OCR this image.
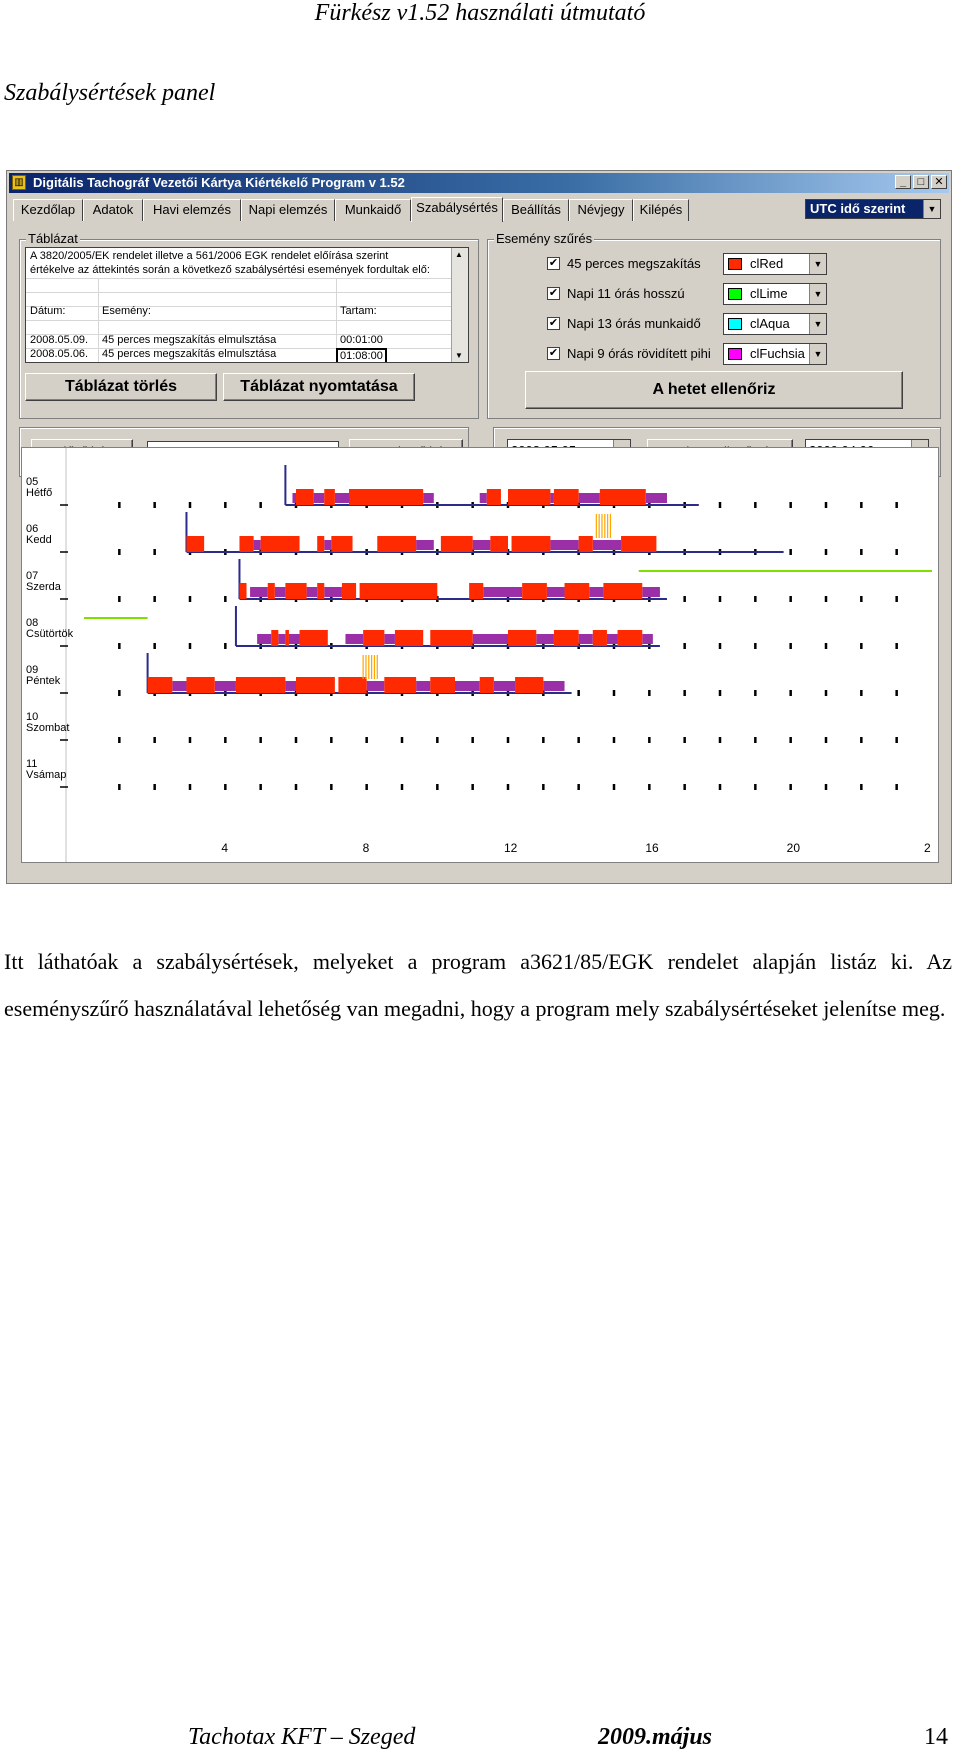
Fürkész v1.52 használati útmutató
Szabálysértések panel
▥ Digitális Tachográf Vezetői Kártya Kiértékelő Program v 1.52	_	□ ✕
Kezdőlap	Adatok	Havi elemzés	Napi elemzés	Munkaidő	Szabálysértés	Beállítás	Névjegy	Kilépés	UTC idő szerint	▼
Táblázat
A 3820/2005/EK rendelet illetve a 561/2006 EGK rendelet előírása szerint
értékelve az áttekintés során a következő szabálysértési események fordultak elő:
Dátum:	Esemény:	Tartam:
2008.05.09. 45 perces megszakítás elmulsztása	00:01:00
2008.05.06. 45 perces megszakítás elmulsztása	01:08:00
▲
▼
Táblázat törlés	Táblázat nyomtatása
Esemény szűrés
✔ 45 perces megszakítás
✔ Napi 11 órás hosszú
✔ Napi 13 órás munkaidő
✔ Napi 9 órás rövidített pihi
clRed	▼
clLime	▼
clAqua	▼
clFuchsia ▼
A hetet ellenőriz
05
Hétfő
06
Kedd
07
Szerda
08
Csütörtök
09
Péntek
10
Szombat
11
Vsámap
4	8	12	16	20	2
Itt láthatóak a szabálysértések, melyeket a program a3621/85/EGK rendelet alapján listáz ki. Az eseményszűrő használatával lehetőség van megadni, hogy a program mely szabálysértéseket jelenítse meg.
Tachotax KFT – Szeged	2009.május	14
